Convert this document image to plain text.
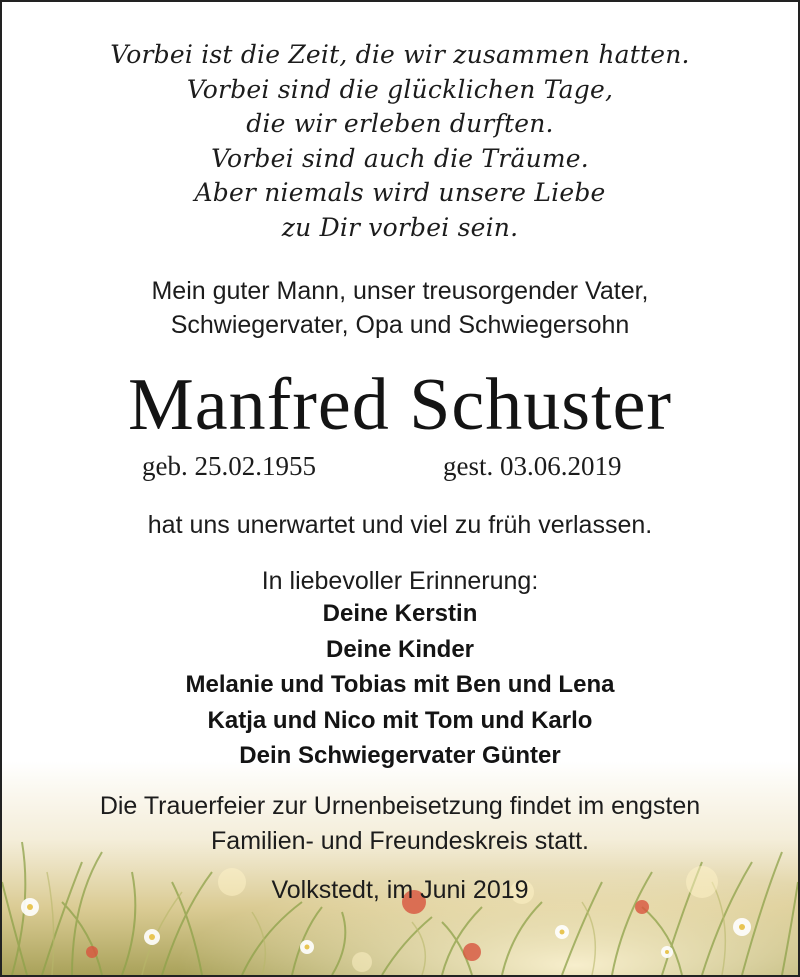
Vorbei ist die Zeit, die wir zusammen hatten.
Vorbei sind die glücklichen Tage,
die wir erleben durften.
Vorbei sind auch die Träume.
Aber niemals wird unsere Liebe
zu Dir vorbei sein.
Mein guter Mann, unser treusorgender Vater,
Schwiegervater, Opa und Schwiegersohn
Manfred Schuster
geb. 25.02.1955	gest. 03.06.2019
hat uns unerwartet und viel zu früh verlassen.
In liebevoller Erinnerung:
Deine Kerstin
Deine Kinder
Melanie und Tobias mit Ben und Lena
Katja und Nico mit Tom und Karlo
Dein Schwiegervater Günter
Die Trauerfeier zur Urnenbeisetzung findet im engsten
Familien- und Freundeskreis statt.
Volkstedt, im Juni 2019
